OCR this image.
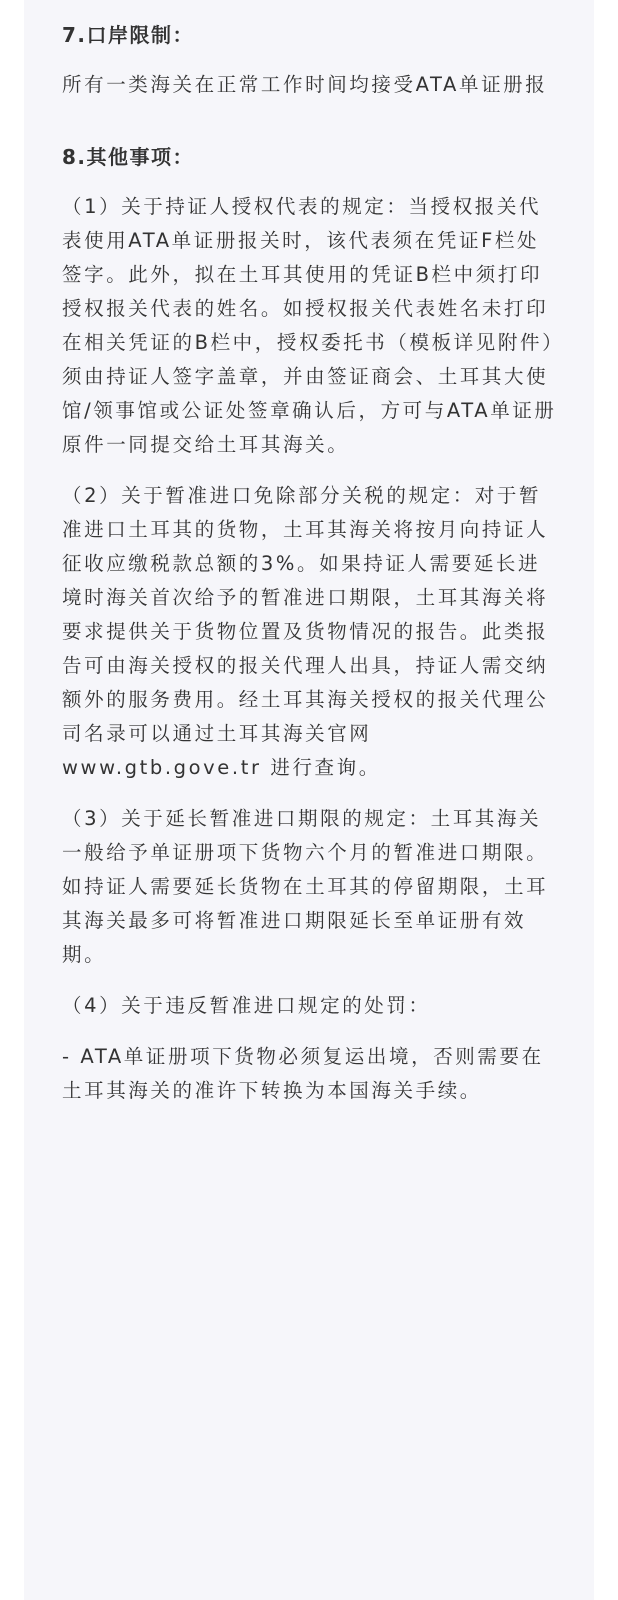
7.口岸限制：

所有一类海关在正常工作时间均接受ATA单证册报

8.其他事项：

（1）关于持证人授权代表的规定：当授权报关代表使用ATA单证册报关时，该代表须在凭证F栏处签字。此外，拟在土耳其使用的凭证B栏中须打印授权报关代表的姓名。如授权报关代表姓名未打印在相关凭证的B栏中，授权委托书（模板详见附件）须由持证人签字盖章，并由签证商会、土耳其大使馆/领事馆或公证处签章确认后，方可与ATA单证册原件一同提交给土耳其海关。

（2）关于暂准进口免除部分关税的规定：对于暂准进口土耳其的货物，土耳其海关将按月向持证人征收应缴税款总额的3%。如果持证人需要延长进境时海关首次给予的暂准进口期限，土耳其海关将要求提供关于货物位置及货物情况的报告。此类报告可由海关授权的报关代理人出具，持证人需交纳额外的服务费用。经土耳其海关授权的报关代理公司名录可以通过土耳其海关官网www.gtb.gove.tr 进行查询。

（3）关于延长暂准进口期限的规定：土耳其海关一般给予单证册项下货物六个月的暂准进口期限。如持证人需要延长货物在土耳其的停留期限，土耳其海关最多可将暂准进口期限延长至单证册有效期。

（4）关于违反暂准进口规定的处罚：

- ATA单证册项下货物必须复运出境，否则需要在土耳其海关的准许下转换为本国海关手续。
